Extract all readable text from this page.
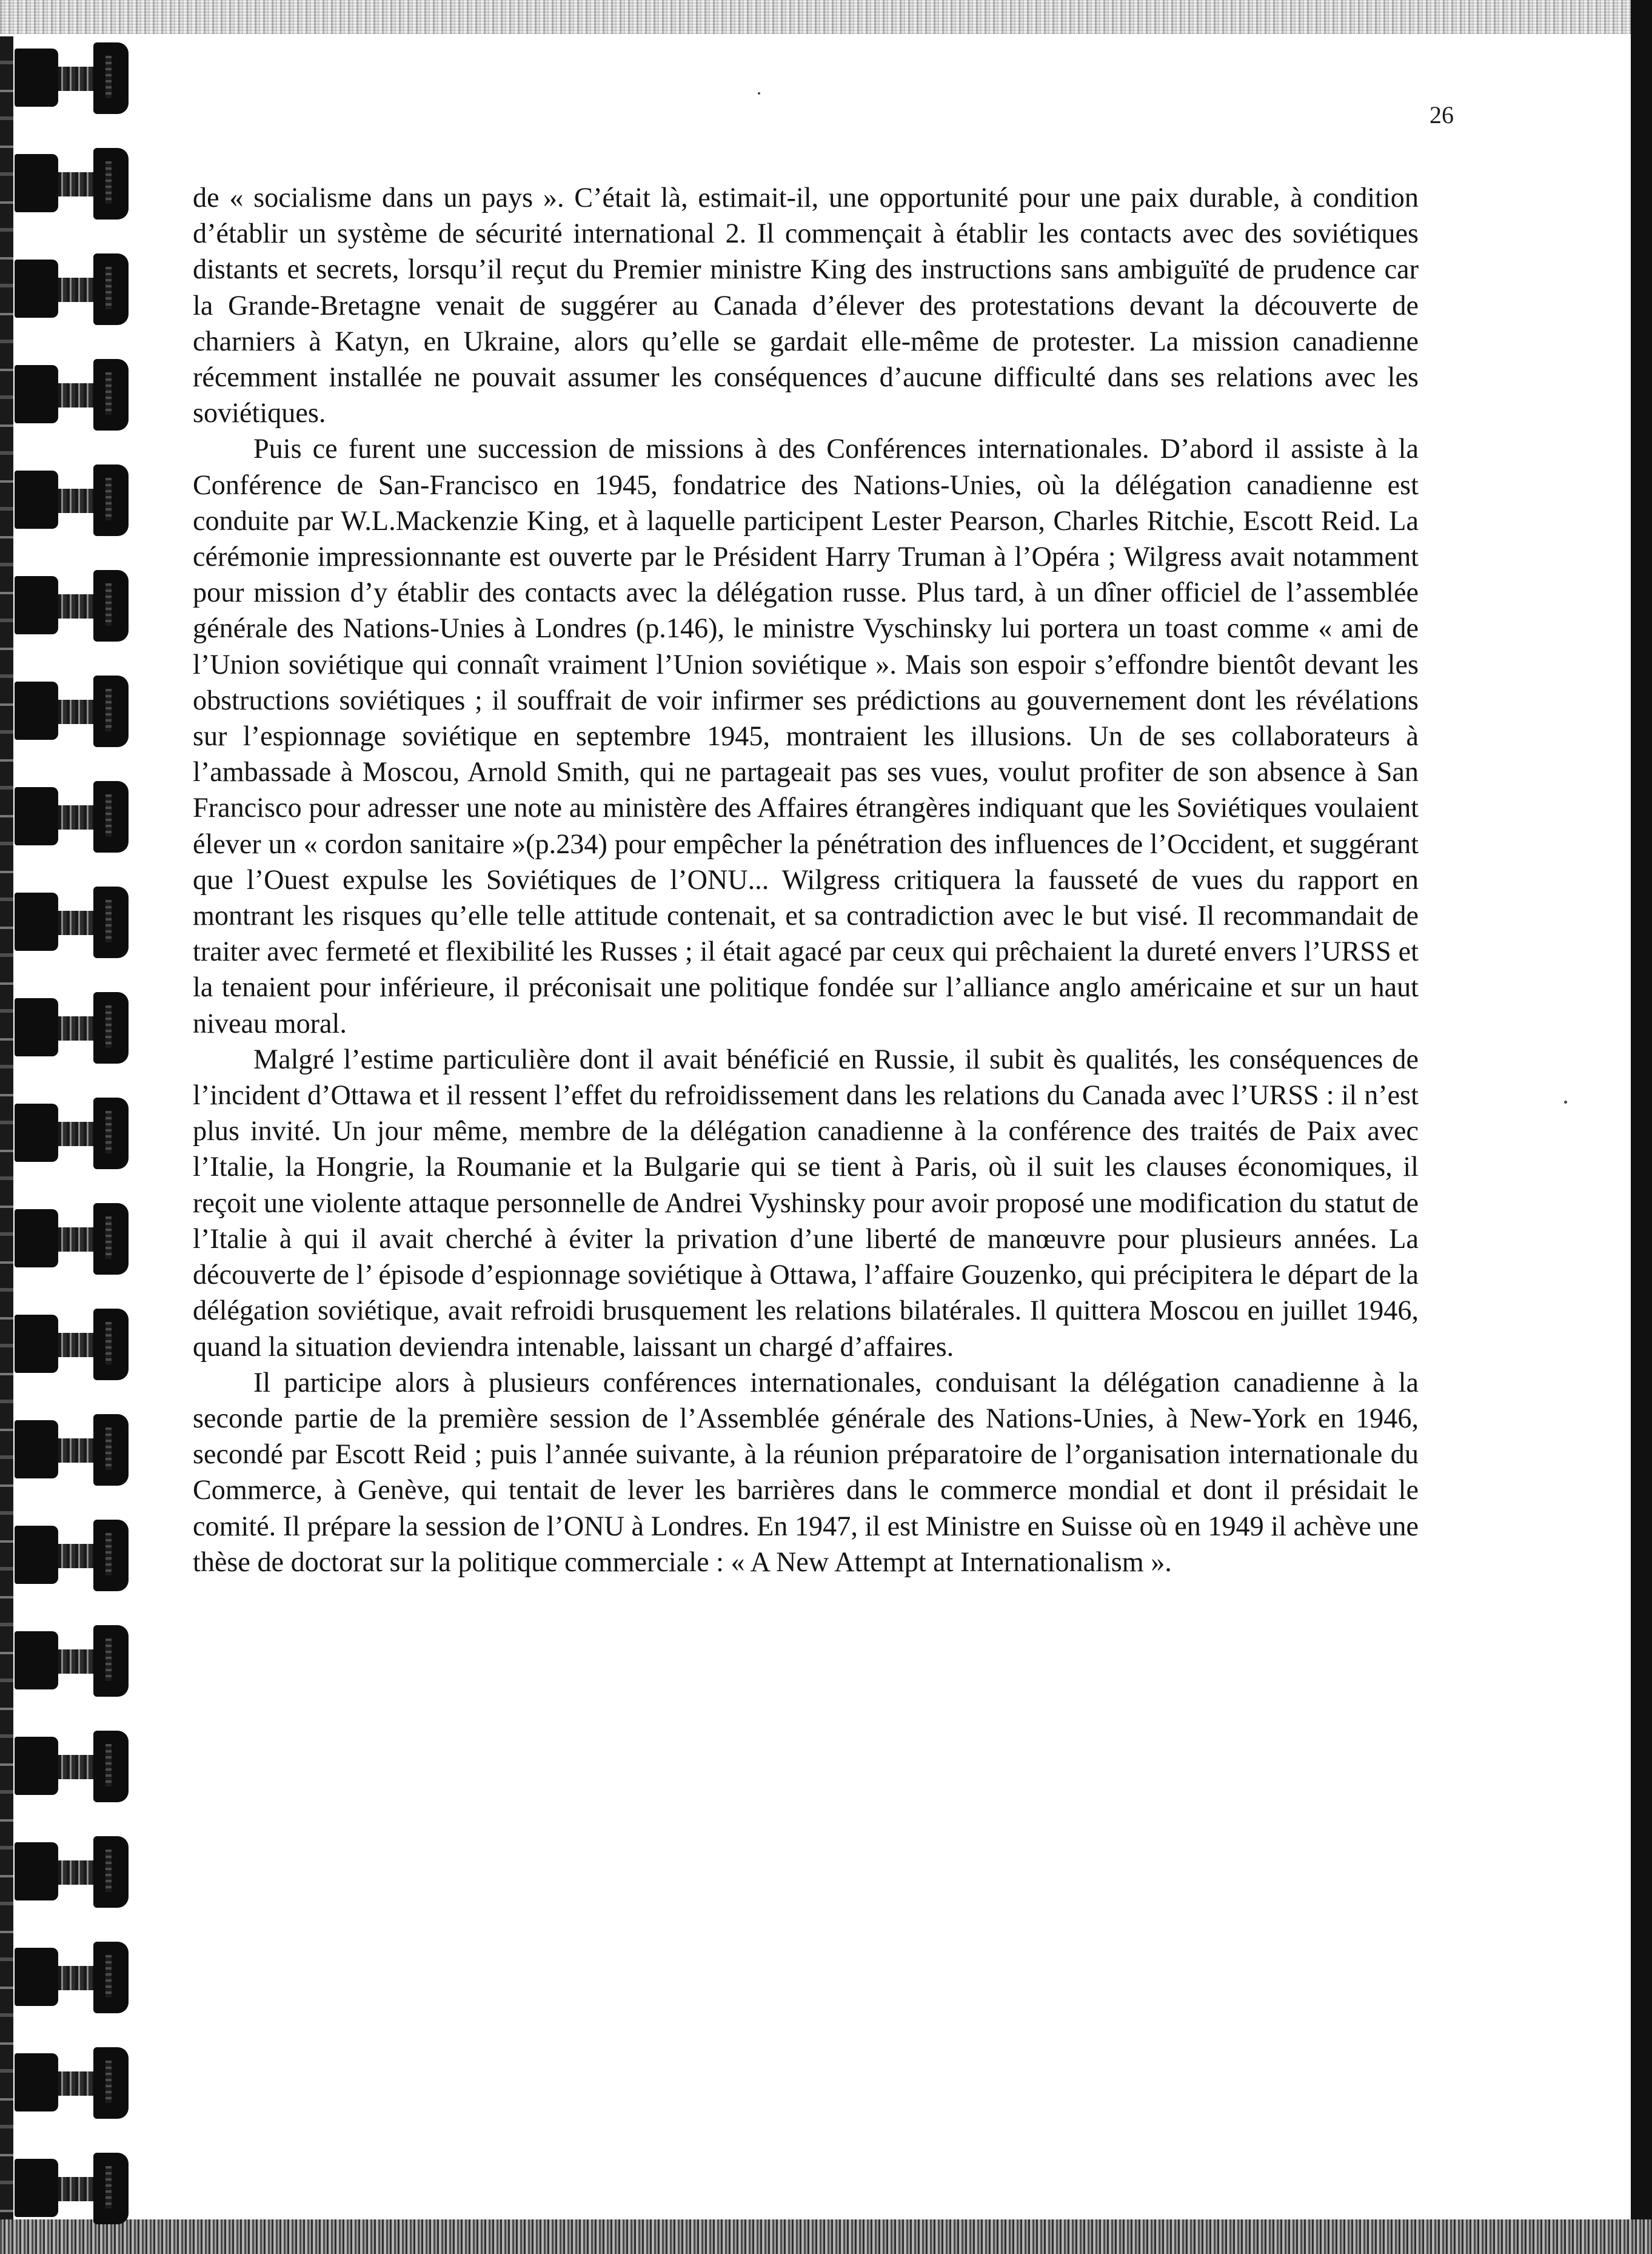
26

de « socialisme dans un pays ». C’était là, estimait-il, une opportunité pour une paix durable, à condition d’établir un système de sécurité international 2. Il commençait à établir les contacts avec des soviétiques distants et secrets, lorsqu’il reçut du Premier ministre King des instructions sans ambiguïté de prudence car la Grande-Bretagne venait de suggérer au Canada d’élever des protestations devant la découverte de charniers à Katyn, en Ukraine, alors qu’elle se gardait elle-même de protester. La mission canadienne récemment installée ne pouvait assumer les conséquences d’aucune difficulté dans ses relations avec les soviétiques.

Puis ce furent une succession de missions à des Conférences internationales. D’abord il assiste à la Conférence de San-Francisco en 1945, fondatrice des Nations-Unies, où la délégation canadienne est conduite par W.L.Mackenzie King, et à laquelle participent Lester Pearson, Charles Ritchie, Escott Reid. La cérémonie impressionnante est ouverte par le Président Harry Truman à l’Opéra ; Wilgress avait notamment pour mission d’y établir des contacts avec la délégation russe. Plus tard, à un dîner officiel de l’assemblée générale des Nations-Unies à Londres (p.146), le ministre Vyschinsky lui portera un toast comme « ami de l’Union soviétique qui connaît vraiment l’Union soviétique ». Mais son espoir s’effondre bientôt devant les obstructions soviétiques ; il souffrait de voir infirmer ses prédictions au gouvernement dont les révélations sur l’espionnage soviétique en septembre 1945, montraient les illusions. Un de ses collaborateurs à l’ambassade à Moscou, Arnold Smith, qui ne partageait pas ses vues, voulut profiter de son absence à San Francisco pour adresser une note au ministère des Affaires étrangères indiquant que les Soviétiques voulaient élever un « cordon sanitaire »(p.234) pour empêcher la pénétration des influences de l’Occident, et suggérant que l’Ouest expulse les Soviétiques de l’ONU... Wilgress critiquera la fausseté de vues du rapport en montrant les risques qu’elle telle attitude contenait, et sa contradiction avec le but visé. Il recommandait de traiter avec fermeté et flexibilité les Russes ; il était agacé par ceux qui prêchaient la dureté envers l’URSS et la tenaient pour inférieure, il préconisait une politique fondée sur l’alliance anglo américaine et sur un haut niveau moral.

Malgré l’estime particulière dont il avait bénéficié en Russie, il subit ès qualités, les conséquences de l’incident d’Ottawa et il ressent l’effet du refroidissement dans les relations du Canada avec l’URSS : il n’est plus invité. Un jour même, membre de la délégation canadienne à la conférence des traités de Paix avec l’Italie, la Hongrie, la Roumanie et la Bulgarie qui se tient à Paris, où il suit les clauses économiques, il reçoit une violente attaque personnelle de Andrei Vyshinsky pour avoir proposé une modification du statut de l’Italie à qui il avait cherché à éviter la privation d’une liberté de manœuvre pour plusieurs années. La découverte de l’ épisode d’espionnage soviétique à Ottawa, l’affaire Gouzenko, qui précipitera le départ de la délégation soviétique, avait refroidi brusquement les relations bilatérales. Il quittera Moscou en juillet 1946, quand la situation deviendra intenable, laissant un chargé d’affaires.

Il participe alors à plusieurs conférences internationales, conduisant la délégation canadienne à la seconde partie de la première session de l’Assemblée générale des Nations-Unies, à New-York en 1946, secondé par Escott Reid ; puis l’année suivante, à la réunion préparatoire de l’organisation internationale du Commerce, à Genève, qui tentait de lever les barrières dans le commerce mondial et dont il présidait le comité. Il prépare la session de l’ONU à Londres. En 1947, il est Ministre en Suisse où en 1949 il achève une thèse de doctorat sur la politique commerciale : « A New Attempt at Internationalism ».
